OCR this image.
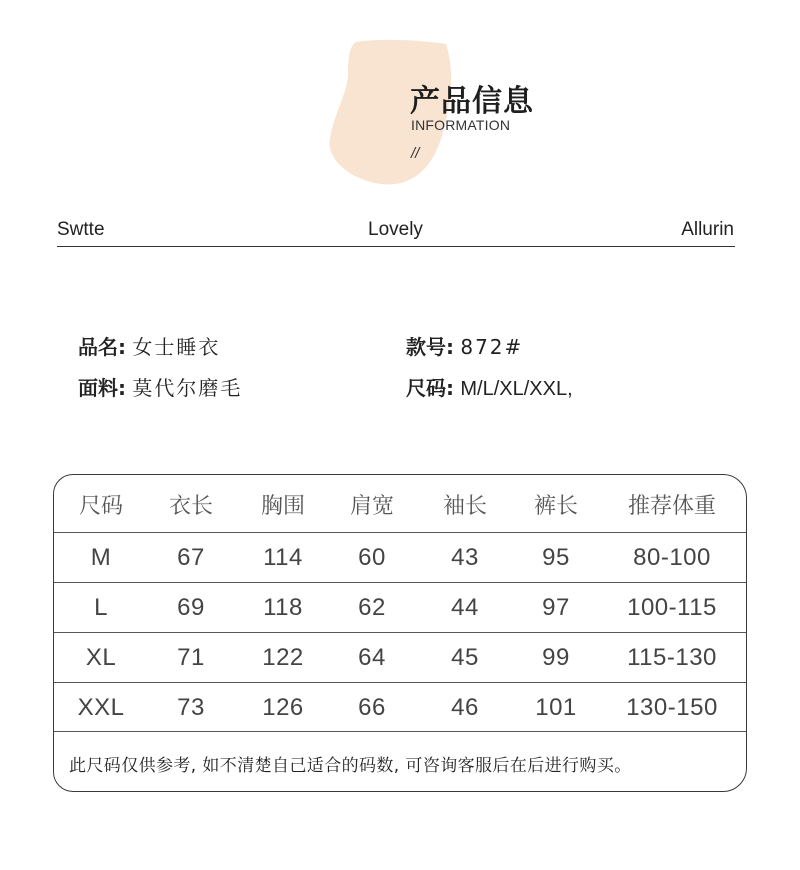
产品信息
INFORMATION
//
Swtte	Lovely	Allurin
品名: 女士睡衣
面料: 莫代尔磨毛
款号: 872#
尺码: M/L/XL/XXL,
尺码 衣长 胸围 肩宽 袖长 裤长 推荐体重
M	67 114 60	43	95	80-100
L	69 118 62	44	97 100-115
XL	71 122 64	45	99 115-130
XXL 73 126 66	46 101 130-150
此尺码仅供参考, 如不清楚自己适合的码数, 可咨询客服后在后进行购买。
